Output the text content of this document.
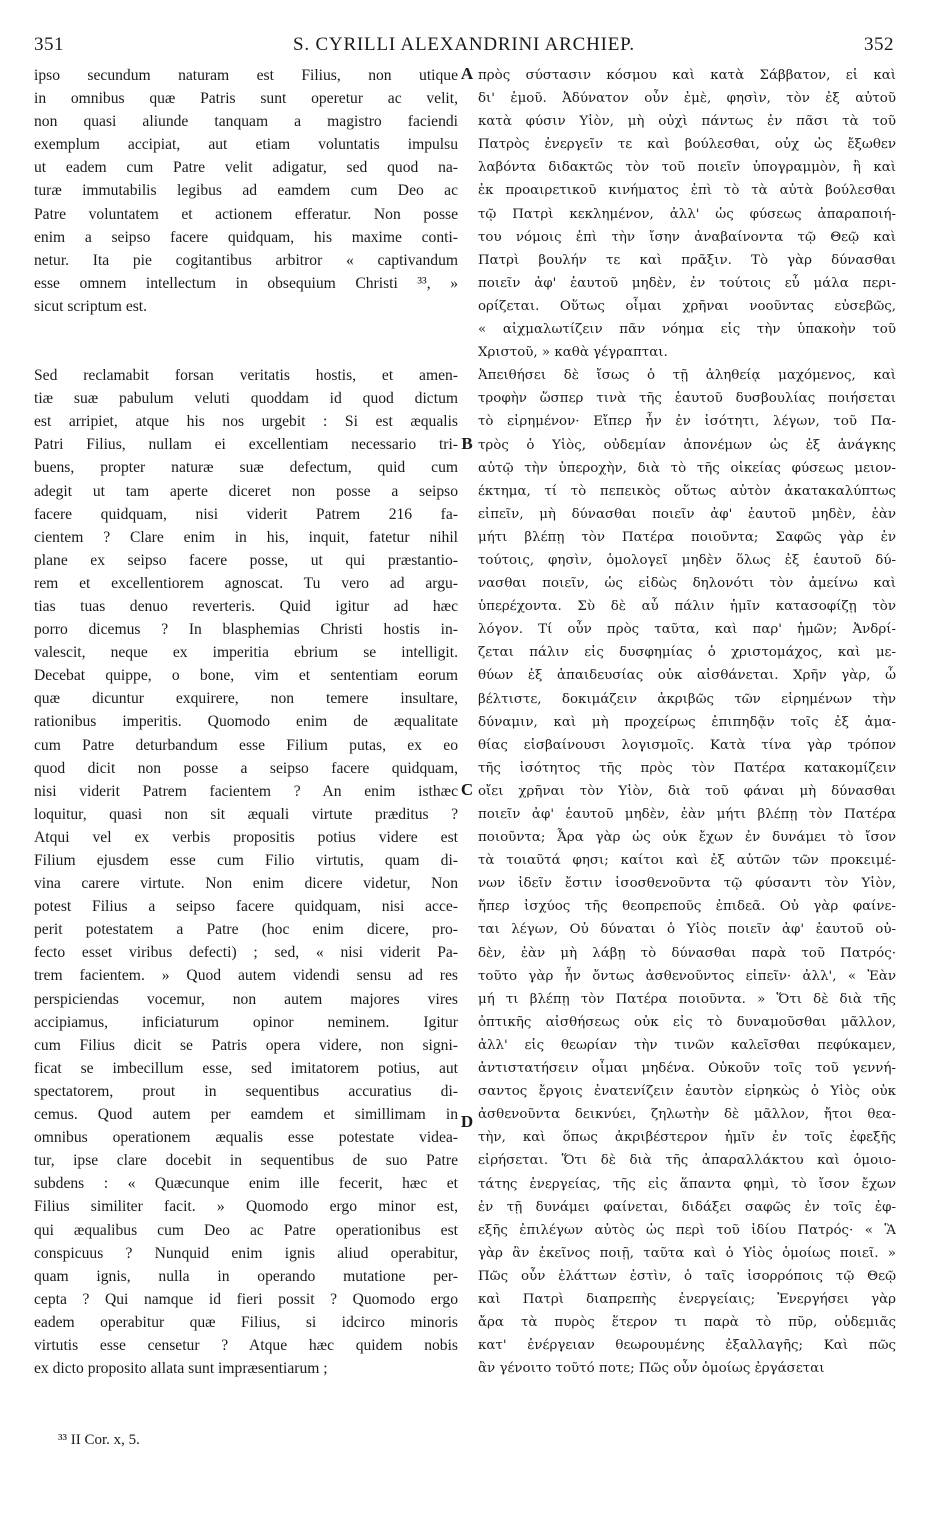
S. CYRILLI ALEXANDRINI ARCHIEP.
351	352
ipso secundum naturam est Filius, non utique
in omnibus quæ Patris sunt operetur ac velit,
non quasi aliunde tanquam a magistro faciendi
exemplum accipiat, aut etiam voluntatis impulsu
ut eadem cum Patre velit adigatur, sed quod na-
turæ immutabilis legibus ad eamdem cum Deo ac
Patre voluntatem et actionem efferatur. Non posse
enim a seipso facere quidquam, his maxime conti-
netur. Ita pie cogitantibus arbitror « captivandum
esse omnem intellectum in obsequium Christi ³³, »
sicut scriptum est.
Sed reclamabit forsan veritatis hostis, et amen-
tiæ suæ pabulum veluti quoddam id quod dictum
est arripiet, atque his nos urgebit : Si est æqualis
Patri Filius, nullam ei excellentiam necessario tri-
buens, propter naturæ suæ defectum, quid cum
adegit ut tam aperte diceret non posse a seipso
facere quidquam, nisi viderit Patrem 216 fa-
cientem ? Clare enim in his, inquit, fatetur nihil
plane ex seipso facere posse, ut qui præstantio-
rem et excellentiorem agnoscat. Tu vero ad argu-
tias tuas denuo reverteris. Quid igitur ad hæc
porro dicemus ? In blasphemias Christi hostis in-
valescit, neque ex imperitia ebrium se intelligit.
Decebat quippe, o bone, vim et sententiam eorum
quæ dicuntur exquirere, non temere insultare,
rationibus imperitis. Quomodo enim de æqualitate
cum Patre deturbandum esse Filium putas, ex eo
quod dicit non posse a seipso facere quidquam,
nisi viderit Patrem facientem ? An enim isthæc
loquitur, quasi non sit æquali virtute præditus ?
Atqui vel ex verbis propositis potius videre est
Filium ejusdem esse cum Filio virtutis, quam di-
vina carere virtute. Non enim dicere videtur, Non
potest Filius a seipso facere quidquam, nisi acce-
perit potestatem a Patre (hoc enim dicere, pro-
fecto esset viribus defecti) ; sed, « nisi viderit Pa-
trem facientem. » Quod autem videndi sensu ad res
perspiciendas vocemur, non autem majores vires
accipiamus, inficiaturum opinor neminem. Igitur
cum Filius dicit se Patris opera videre, non signi-
ficat se imbecillum esse, sed imitatorem potius, aut
spectatorem, prout in sequentibus accuratius di-
cemus. Quod autem per eamdem et simillimam in
omnibus operationem æqualis esse potestate videa-
tur, ipse clare docebit in sequentibus de suo Patre
subdens : « Quæcunque enim ille fecerit, hæc et
Filius similiter facit. » Quomodo ergo minor est,
qui æqualibus cum Deo ac Patre operationibus est
conspicuus ? Nunquid enim ignis aliud operabitur,
quam ignis, nulla in operando mutatione per-
cepta ? Qui namque id fieri possit ? Quomodo ergo
eadem operabitur quæ Filius, si idcirco minoris
virtutis esse censetur ? Atque hæc quidem nobis
ex dicto proposito allata sunt impræsentiarum ;
πρὸς σύστασιν κόσμου καὶ κατὰ Σάββατον, εἰ καὶ
δι' ἐμοῦ. Ἀδύνατον οὖν ἐμὲ, φησὶν, τὸν ἐξ αὐτοῦ
κατὰ φύσιν Υἱὸν, μὴ οὐχὶ πάντως ἐν πᾶσι τὰ τοῦ
Πατρὸς ἐνεργεῖν τε καὶ βούλεσθαι, οὐχ ὡς ἔξωθεν
λαβόντα διδακτῶς τὸν τοῦ ποιεῖν ὑπογραμμὸν, ἢ καὶ
ἐκ προαιρετικοῦ κινήματος ἐπὶ τὸ τὰ αὐτὰ βούλεσθαι
τῷ Πατρὶ κεκλημένον, ἀλλ' ὡς φύσεως ἀπαραποιή-
του νόμοις ἐπὶ τὴν ἴσην ἀναβαίνοντα τῷ Θεῷ καὶ
Πατρὶ βουλήν τε καὶ πρᾶξιν. Τὸ γὰρ δύνασθαι
ποιεῖν ἀφ' ἑαυτοῦ μηδὲν, ἐν τούτοις εὖ μάλα περι-
ορίζεται. Οὕτως οἶμαι χρῆναι νοοῦντας εὐσεβῶς,
« αἰχμαλωτίζειν πᾶν νόημα εἰς τὴν ὑπακοὴν τοῦ
Χριστοῦ, » καθὰ γέγραπται.
Ἀπειθήσει δὲ ἴσως ὁ τῇ ἀληθείᾳ μαχόμενος, καὶ
τροφὴν ὥσπερ τινὰ τῆς ἑαυτοῦ δυσβουλίας ποιήσεται
τὸ εἰρημένον· Εἴπερ ἦν ἐν ἰσότητι, λέγων, τοῦ Πα-
τρὸς ὁ Υἱὸς, οὐδεμίαν ἀπονέμων ὡς ἐξ ἀνάγκης
αὐτῷ τὴν ὑπεροχὴν, διὰ τὸ τῆς οἰκείας φύσεως μειον-
έκτημα, τί τὸ πεπεικὸς οὕτως αὐτὸν ἀκατακαλύπτως
εἰπεῖν, μὴ δύνασθαι ποιεῖν ἀφ' ἑαυτοῦ μηδὲν, ἐὰν
μήτι βλέπῃ τὸν Πατέρα ποιοῦντα; Σαφῶς γὰρ ἐν
τούτοις, φησὶν, ὁμολογεῖ μηδὲν ὅλως ἐξ ἑαυτοῦ δύ-
νασθαι ποιεῖν, ὡς εἰδὼς δηλονότι τὸν ἀμείνω καὶ
ὑπερέχοντα. Σὺ δὲ αὖ πάλιν ἡμῖν κατασοφίζῃ τὸν
λόγον. Τί οὖν πρὸς ταῦτα, καὶ παρ' ἡμῶν; Ἀνδρί-
ζεται πάλιν εἰς δυσφημίας ὁ χριστομάχος, καὶ με-
θύων ἐξ ἀπαιδευσίας οὐκ αἰσθάνεται. Χρῆν γὰρ, ὦ
βέλτιστε, δοκιμάζειν ἀκριβῶς τῶν εἰρημένων τὴν
δύναμιν, καὶ μὴ προχείρως ἐπιπηδᾷν τοῖς ἐξ ἀμα-
θίας εἰσβαίνουσι λογισμοῖς. Κατὰ τίνα γὰρ τρόπον
τῆς ἰσότητος τῆς πρὸς τὸν Πατέρα κατακομίζειν
οἴει χρῆναι τὸν Υἱὸν, διὰ τοῦ φάναι μὴ δύνασθαι
ποιεῖν ἀφ' ἑαυτοῦ μηδὲν, ἐὰν μήτι βλέπῃ τὸν Πατέρα
ποιοῦντα; Ἆρα γὰρ ὡς οὐκ ἔχων ἐν δυνάμει τὸ ἴσον
τὰ τοιαῦτά φησι; καίτοι καὶ ἐξ αὐτῶν τῶν προκειμέ-
νων ἰδεῖν ἔστιν ἰσοσθενοῦντα τῷ φύσαντι τὸν Υἱὸν,
ἤπερ ἰσχύος τῆς θεοπρεποῦς ἐπιδεᾶ. Οὐ γὰρ φαίνε-
ται λέγων, Οὐ δύναται ὁ Υἱὸς ποιεῖν ἀφ' ἑαυτοῦ οὐ-
δὲν, ἐὰν μὴ λάβῃ τὸ δύνασθαι παρὰ τοῦ Πατρός·
τοῦτο γὰρ ἦν ὄντως ἀσθενοῦντος εἰπεῖν· ἀλλ', « Ἐὰν
μή τι βλέπῃ τὸν Πατέρα ποιοῦντα. » Ὅτι δὲ διὰ τῆς
ὀπτικῆς αἰσθήσεως οὐκ εἰς τὸ δυναμοῦσθαι μᾶλλον,
ἀλλ' εἰς θεωρίαν τὴν τινῶν καλεῖσθαι πεφύκαμεν,
ἀντιστατήσειν οἶμαι μηδένα. Οὐκοῦν τοῖς τοῦ γεννή-
σαντος ἔργοις ἐνατενίζειν ἑαυτὸν εἰρηκὼς ὁ Υἱὸς οὐκ
ἀσθενοῦντα δεικνύει, ζηλωτὴν δὲ μᾶλλον, ἤτοι θεα-
τὴν, καὶ ὅπως ἀκριβέστερον ἡμῖν ἐν τοῖς ἐφεξῆς
εἰρήσεται. Ὅτι δὲ διὰ τῆς ἀπαραλλάκτου καὶ ὁμοιο-
τάτης ἐνεργείας, τῆς εἰς ἅπαντα φημὶ, τὸ ἴσον ἔχων
ἐν τῇ δυνάμει φαίνεται, διδάξει σαφῶς ἐν τοῖς ἐφ-
εξῆς ἐπιλέγων αὐτὸς ὡς περὶ τοῦ ἰδίου Πατρός· « Ἃ
γὰρ ἂν ἐκεῖνος ποιῇ, ταῦτα καὶ ὁ Υἱὸς ὁμοίως ποιεῖ. »
Πῶς οὖν ἐλάττων ἐστὶν, ὁ ταῖς ἰσορρόποις τῷ Θεῷ
καὶ Πατρὶ διαπρεπὴς ἐνεργείαις; Ἐνεργήσει γὰρ
ἄρα τὰ πυρὸς ἕτερον τι παρὰ τὸ πῦρ, οὐδεμιᾶς
κατ' ἐνέργειαν θεωρουμένης ἐξαλλαγῆς; Καὶ πῶς
ἂν γένοιτο τοῦτό ποτε; Πῶς οὖν ὁμοίως ἐργάσεται
A
B
C
D
³³ II Cor. x, 5.
